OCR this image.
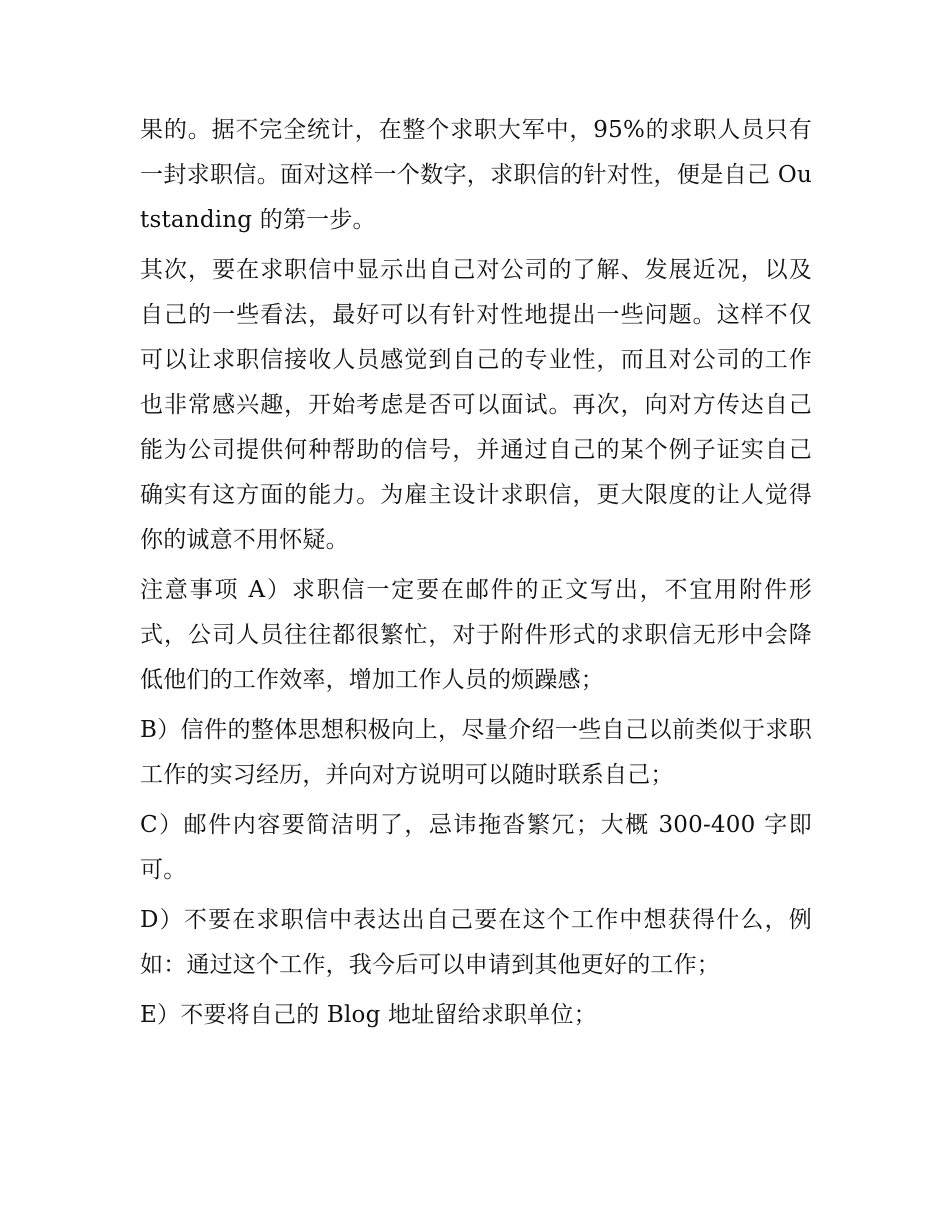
果的。据不完全统计，在整个求职大军中，95%的求职人员只有一封求职信。面对这样一个数字，求职信的针对性，便是自己 Outstanding 的第一步。

其次，要在求职信中显示出自己对公司的了解、发展近况，以及自己的一些看法，最好可以有针对性地提出一些问题。这样不仅可以让求职信接收人员感觉到自己的专业性，而且对公司的工作也非常感兴趣，开始考虑是否可以面试。再次，向对方传达自己能为公司提供何种帮助的信号，并通过自己的某个例子证实自己确实有这方面的能力。为雇主设计求职信，更大限度的让人觉得你的诚意不用怀疑。

注意事项 A）求职信一定要在邮件的正文写出，不宜用附件形式，公司人员往往都很繁忙，对于附件形式的求职信无形中会降低他们的工作效率，增加工作人员的烦躁感；

B）信件的整体思想积极向上，尽量介绍一些自己以前类似于求职工作的实习经历，并向对方说明可以随时联系自己；

C）邮件内容要简洁明了，忌讳拖沓繁冗；大概 300-400 字即可。

D）不要在求职信中表达出自己要在这个工作中想获得什么，例如：通过这个工作，我今后可以申请到其他更好的工作；

E）不要将自己的 Blog 地址留给求职单位；
